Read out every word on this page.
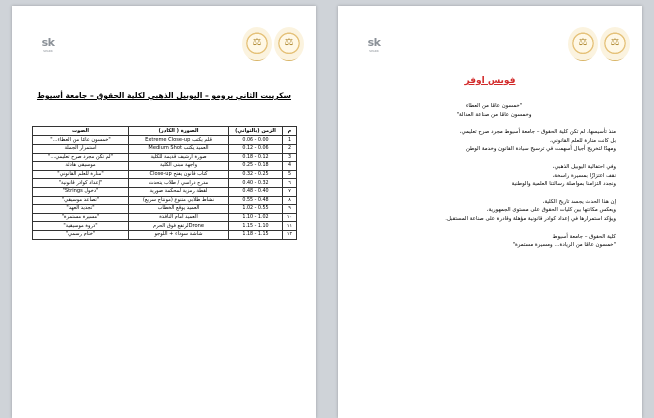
sk
SPARK
⚖
⚖
سكريبت الثاني برومو – اليوبيل الذهبي لكلية الحقوق – جامعة أسيوط
م	الزمن (بالثواني)	الصورة ( الكادر)	الصوت
1	0.00 - 0.06	قلم يكتب Extreme Close-up	"خمسون عامًا من العطاء..."
2	0.06 - 0.12	العميد يكتب Medium Shot	استمرار الجملة
3	0.12 - 0.18	صورة أرشيف قديمة للكلية	"لم تكن مجرد صرح تعليمي..."
4	0.18 - 0.25	واجهة مبنى الكلية	موسيقى هادئة
5	0.25 - 0.32	كتاب قانون يفتح Close-up	"منارة للعلم القانوني"
٦	0.32 - 0.40	مدرج دراسي / طلاب يتحدث	"إعداد كوادر قانونية"
٧	0.40 - 0.48	لقطة رمزية لمحكمة صورية	"دخول Strings"
٨	0.48 - 0.55	نشاط طلابي متنوع (مونتاج سريع)	"تصاعد موسيقي"
٩	0.55 - 1.02	العميد يوقع الخطاب	"تجديد العهد"
١٠	1.02 - 1.10	العميد امام النافذة	"مسيرة مستمرة"
١١	1.10 - 1.15	Droneلرتفع فوق الحرم	"ذروة موسيقية"
١٢	1.15 - 1.18	شاشة سوداء + اللوجو	"ختام رسمي"
sk
SPARK
⚖
⚖
فويس اوفر
"خمسون عامًا من العطاء
وخمسون عامًا من صناعة العدالة"
منذ تأسيسها، لم تكن كلية الحقوق – جامعة أسيوط مجرد صرح تعليمي،
بل كانت منارة للعلم القانوني،
ومهدًا لتخريج أجيال أسهمت في ترسيخ سيادة القانون وخدمة الوطن
وفي احتفالية اليوبيل الذهبي،
نقف اعتزازًا بمسيرة راسخة،
ونجدد التزامنا بمواصلة رسالتنا العلمية والوطنية
إن هذا الحدث يجسد تاريخ الكلية،
ويعكس مكانتها بين كليات الحقوق على مستوى الجمهورية،
ويؤكد استمرارها في إعداد كوادر قانونية مؤهلة وقادرة على صناعة المستقبل.
كلية الحقوق – جامعة أسيوط
"خمسون عامًا من الريادة... ومسيرة مستمرة"
